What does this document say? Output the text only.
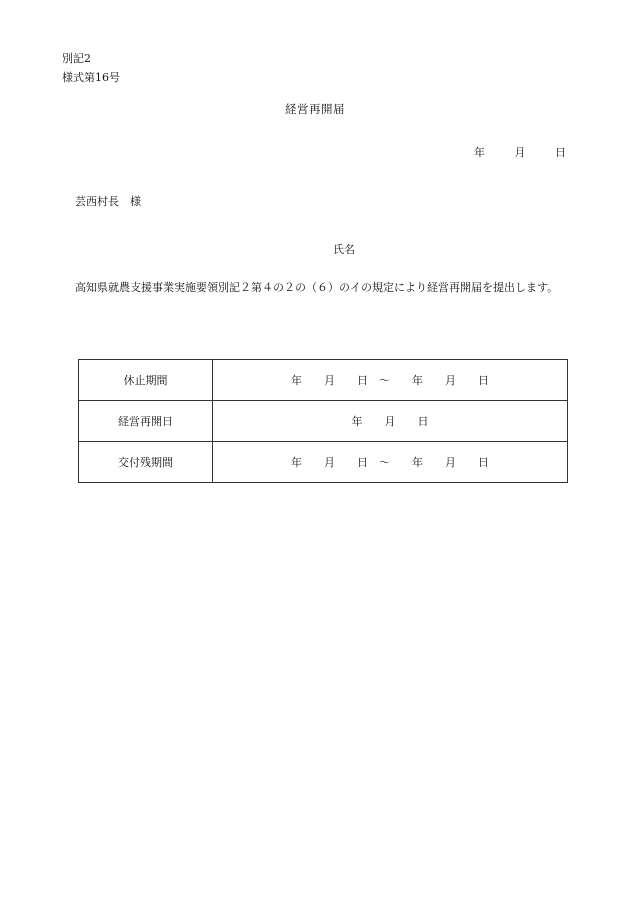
別記2
様式第16号
経営再開届
年	月	日
芸西村長　様
氏名
高知県就農支援事業実施要領別記２第４の２の（６）のイの規定により経営再開届を提出します。
休止期間	年　　月　　日　～　　年　　月　　日
経営再開日	年　　月　　日
交付残期間	年　　月　　日　～　　年　　月　　日
